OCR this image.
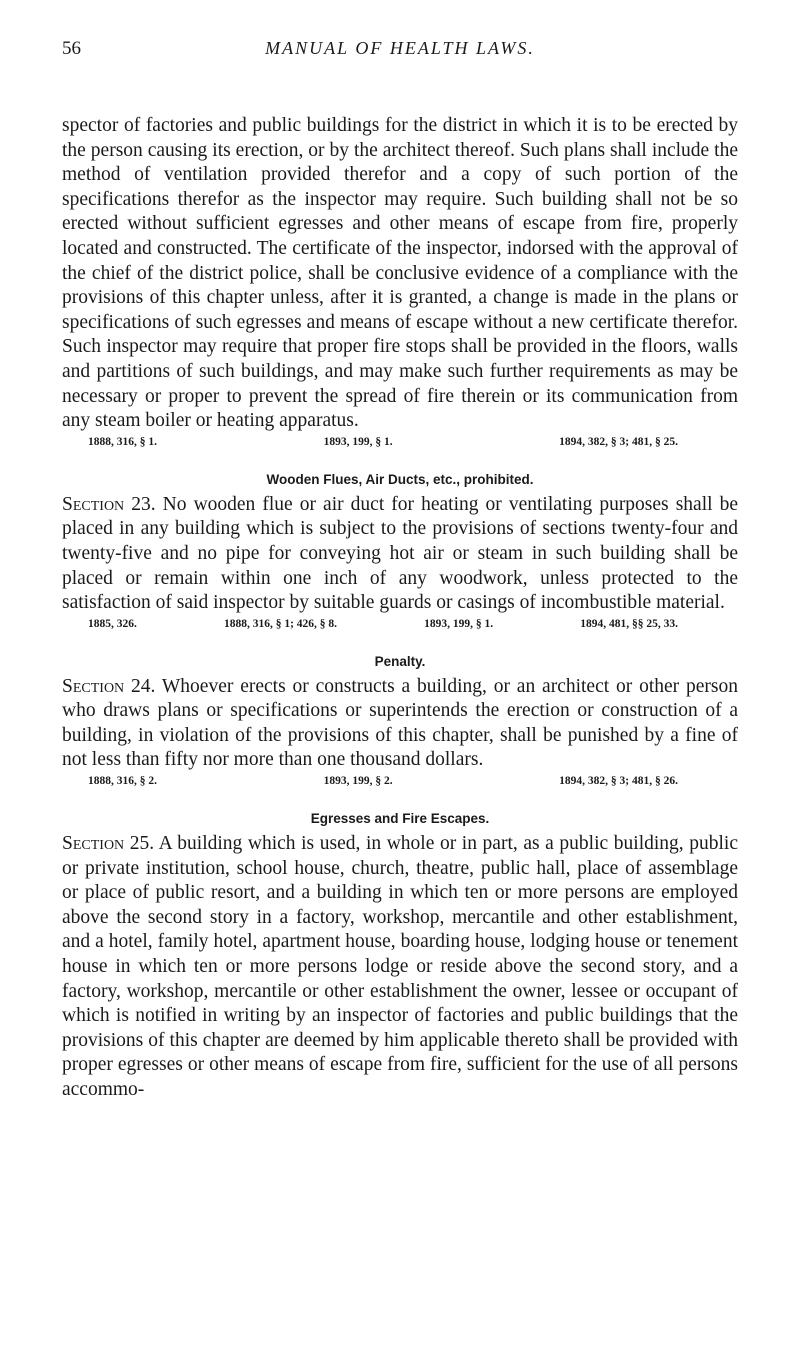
56	MANUAL OF HEALTH LAWS.

spector of factories and public buildings for the district in which it is to be erected by the person causing its erection, or by the architect thereof. Such plans shall include the method of ventilation provided therefor and a copy of such portion of the specifications therefor as the inspector may require. Such building shall not be so erected without sufficient egresses and other means of escape from fire, properly located and constructed. The certificate of the inspector, indorsed with the approval of the chief of the district police, shall be conclusive evidence of a compliance with the provisions of this chapter unless, after it is granted, a change is made in the plans or specifications of such egresses and means of escape without a new certificate therefor. Such inspector may require that proper fire stops shall be provided in the floors, walls and partitions of such buildings, and may make such further requirements as may be necessary or proper to prevent the spread of fire therein or its communication from any steam boiler or heating apparatus.

1888, 316, § 1.	1893, 199, § 1.	1894, 382, § 3; 481, § 25.
Wooden Flues, Air Ducts, etc., prohibited.

Section 23. No wooden flue or air duct for heating or ventilating purposes shall be placed in any building which is subject to the provisions of sections twenty-four and twenty-five and no pipe for conveying hot air or steam in such building shall be placed or remain within one inch of any woodwork, unless protected to the satisfaction of said inspector by suitable guards or casings of incombustible material.

1885, 326.	1888, 316, § 1; 426, § 8.	1893, 199, § 1.	1894, 481, §§ 25, 33.
Penalty.

Section 24. Whoever erects or constructs a building, or an architect or other person who draws plans or specifications or superintends the erection or construction of a building, in violation of the provisions of this chapter, shall be punished by a fine of not less than fifty nor more than one thousand dollars.

1888, 316, § 2.	1893, 199, § 2.	1894, 382, § 3; 481, § 26.
Egresses and Fire Escapes.

Section 25. A building which is used, in whole or in part, as a public building, public or private institution, school house, church, theatre, public hall, place of assemblage or place of public resort, and a building in which ten or more persons are employed above the second story in a factory, workshop, mercantile and other establishment, and a hotel, family hotel, apartment house, boarding house, lodging house or tenement house in which ten or more persons lodge or reside above the second story, and a factory, workshop, mercantile or other establishment the owner, lessee or occupant of which is notified in writing by an inspector of factories and public buildings that the provisions of this chapter are deemed by him applicable thereto shall be provided with proper egresses or other means of escape from fire, sufficient for the use of all persons accommo-
